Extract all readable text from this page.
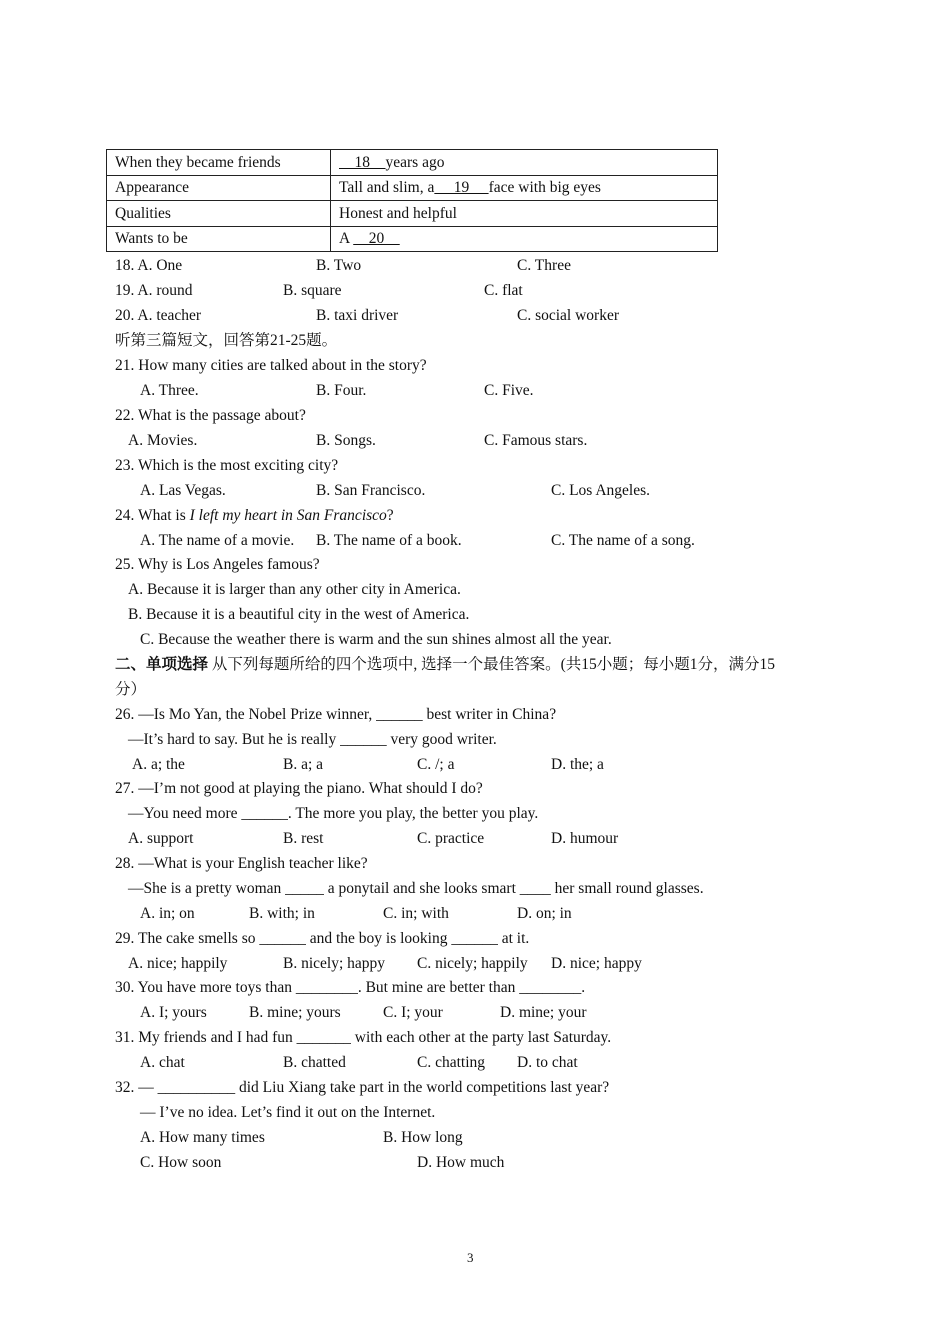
When they became friends	18    years ago
Appearance	Tall and slim, a     19     face with big eyes
Qualities	Honest and helpful
Wants to be	A     20
18. A. One	B. Two	C. Three
19. A. round	B. square	C. flat
20. A. teacher	B. taxi driver	C. social worker
听第三篇短文，回答第21-25题。
21. How many cities are talked about in the story?
A. Three.	B. Four.	C. Five.
22. What is the passage about?
A. Movies.	B. Songs.	C. Famous stars.
23. Which is the most exciting city?
A. Las Vegas.	B. San Francisco.	C. Los Angeles.
24. What is I left my heart in San Francisco?
A. The name of a movie. B. The name of a book.	C. The name of a song.
25. Why is Los Angeles famous?
A. Because it is larger than any other city in America.
B. Because it is a beautiful city in the west of America.
C. Because the weather there is warm and the sun shines almost all the year.
二、单项选择 从下列每题所给的四个选项中, 选择一个最佳答案。(共15小题；每小题1分，满分15
分）
26. —Is Mo Yan, the Nobel Prize winner, ______ best writer in China?
—It’s hard to say. But he is really ______ very good writer.
A. a; the	B. a; a	C. /; a	D. the; a
27. —I’m not good at playing the piano. What should I do?
—You need more ______. The more you play, the better you play.
A. support	B. rest	C. practice	D. humour
28. —What is your English teacher like?
—She is a pretty woman _____ a ponytail and she looks smart ____ her small round glasses.
A. in; on	B. with; in	C. in; with	D. on; in
29. The cake smells so ______ and the boy is looking ______ at it.
A. nice; happily	B. nicely; happy C. nicely; happily D. nice; happy
30. You have more toys than ________. But mine are better than ________.
A. I; yours	B. mine; yours	C. I; your	D. mine; your
31. My friends and I had fun _______ with each other at the party last Saturday.
A. chat	B. chatted	C. chatting D. to chat
32. — __________ did Liu Xiang take part in the world competitions last year?
— I’ve no idea. Let’s find it out on the Internet.
A. How many times	B. How long
C. How soon	D. How much
3
